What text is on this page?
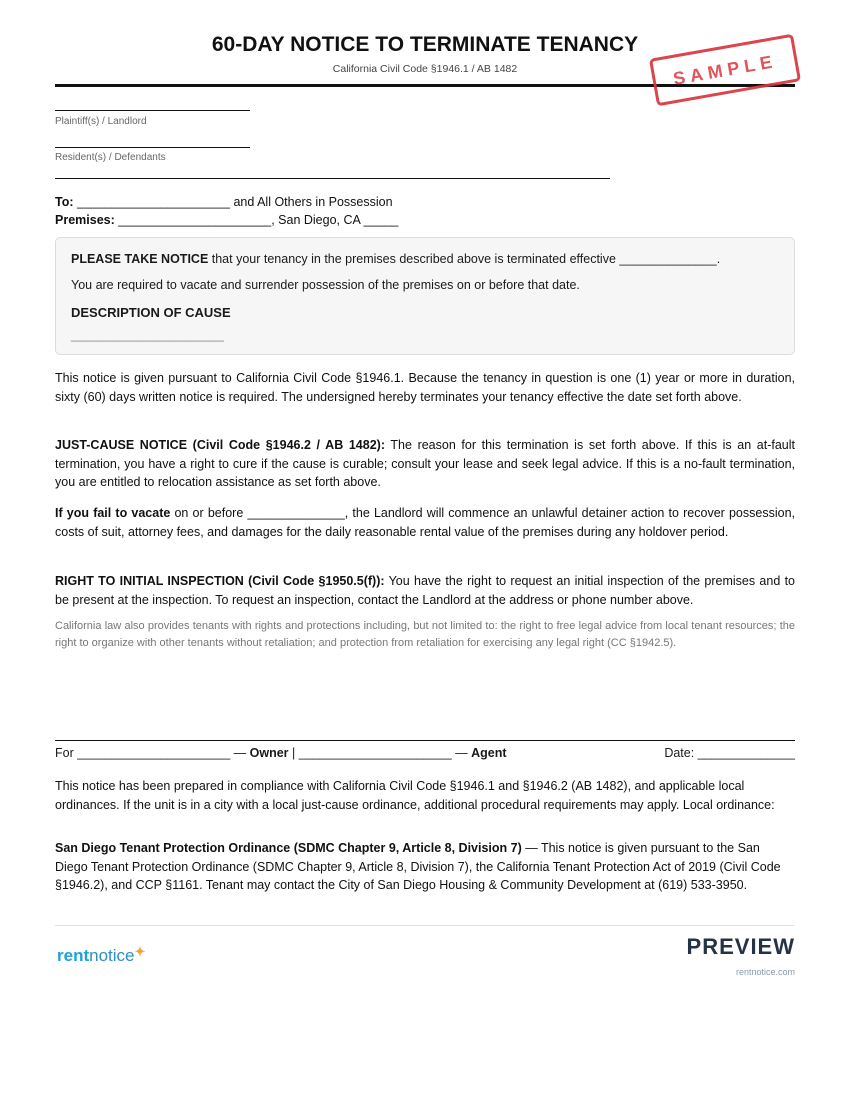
60-DAY NOTICE TO TERMINATE TENANCY
California Civil Code §1946.1 / AB 1482	SAMPLE
Plaintiff(s) / Landlord
Resident(s) / Defendants
To: ______________________ and All Others in Possession
Premises: ______________________, San Diego, CA _____
PLEASE TAKE NOTICE that your tenancy in the premises described above is terminated effective ______________.
You are required to vacate and surrender possession of the premises on or before that date.
DESCRIPTION OF CAUSE
______________________
This notice is given pursuant to California Civil Code §1946.1. Because the tenancy in question is one (1) year or more in duration, sixty (60) days written notice is required. The undersigned hereby terminates your tenancy effective the date set forth above.
JUST-CAUSE NOTICE (Civil Code §1946.2 / AB 1482): The reason for this termination is set forth above. If this is an at-fault termination, you have a right to cure if the cause is curable; consult your lease and seek legal advice. If this is a no-fault termination, you are entitled to relocation assistance as set forth above.
If you fail to vacate on or before ______________, the Landlord will commence an unlawful detainer action to recover possession, costs of suit, attorney fees, and damages for the daily reasonable rental value of the premises during any holdover period.
RIGHT TO INITIAL INSPECTION (Civil Code §1950.5(f)): You have the right to request an initial inspection of the premises and to be present at the inspection. To request an inspection, contact the Landlord at the address or phone number above.
California law also provides tenants with rights and protections including, but not limited to: the right to free legal advice from local tenant resources; the right to organize with other tenants without retaliation; and protection from retaliation for exercising any legal right (CC §1942.5).
For ______________________ — Owner | ______________________ — Agent	Date: ______________
This notice has been prepared in compliance with California Civil Code §1946.1 and §1946.2 (AB 1482), and applicable local ordinances. If the unit is in a city with a local just-cause ordinance, additional procedural requirements may apply. Local ordinance:
San Diego Tenant Protection Ordinance (SDMC Chapter 9, Article 8, Division 7) — This notice is given pursuant to the San Diego Tenant Protection Ordinance (SDMC Chapter 9, Article 8, Division 7), the California Tenant Protection Act of 2019 (Civil Code §1946.2), and CCP §1161. Tenant may contact the City of San Diego Housing & Community Development at (619) 533-3950.
rentnotice✦	PREVIEW
rentnotice.com
